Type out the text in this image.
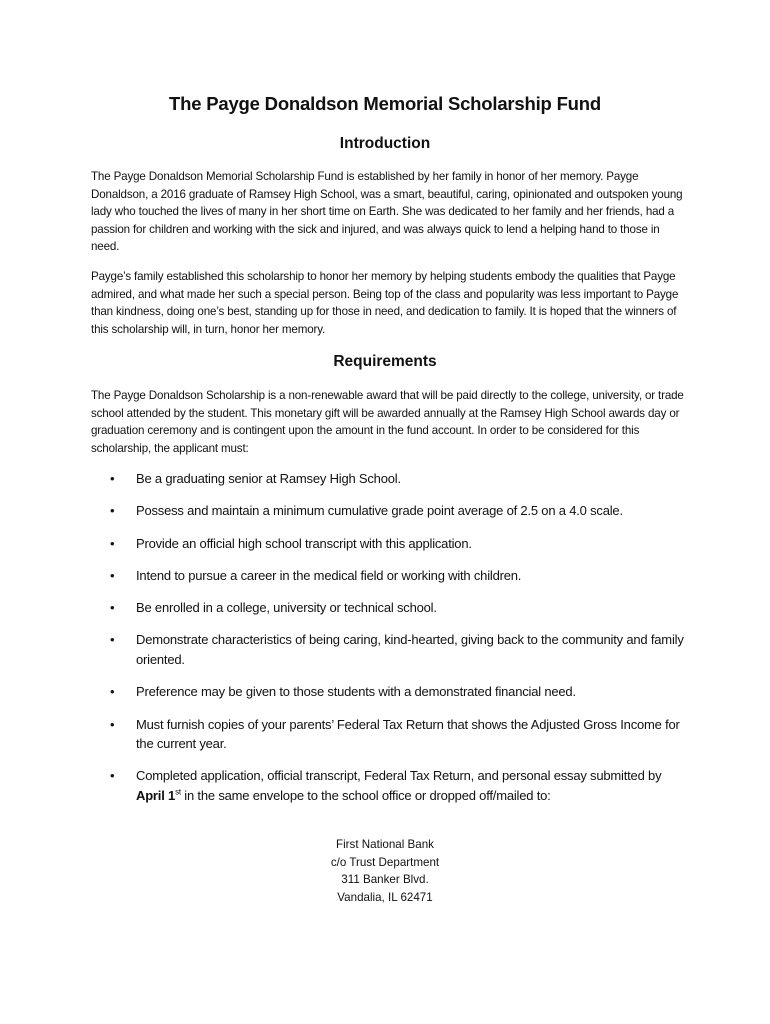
The Payge Donaldson Memorial Scholarship Fund
Introduction

The Payge Donaldson Memorial Scholarship Fund is established by her family in honor of her memory. Payge Donaldson, a 2016 graduate of Ramsey High School, was a smart, beautiful, caring, opinionated and outspoken young lady who touched the lives of many in her short time on Earth. She was dedicated to her family and her friends, had a passion for children and working with the sick and injured, and was always quick to lend a helping hand to those in need.

Payge’s family established this scholarship to honor her memory by helping students embody the qualities that Payge admired, and what made her such a special person. Being top of the class and popularity was less important to Payge than kindness, doing one’s best, standing up for those in need, and dedication to family. It is hoped that the winners of this scholarship will, in turn, honor her memory.

Requirements

The Payge Donaldson Scholarship is a non-renewable award that will be paid directly to the college, university, or trade school attended by the student. This monetary gift will be awarded annually at the Ramsey High School awards day or graduation ceremony and is contingent upon the amount in the fund account. In order to be considered for this scholarship, the applicant must:

• Be a graduating senior at Ramsey High School.
• Possess and maintain a minimum cumulative grade point average of 2.5 on a 4.0 scale.
• Provide an official high school transcript with this application.
• Intend to pursue a career in the medical field or working with children.
• Be enrolled in a college, university or technical school.
• Demonstrate characteristics of being caring, kind-hearted, giving back to the community and family oriented.
• Preference may be given to those students with a demonstrated financial need.
• Must furnish copies of your parents’ Federal Tax Return that shows the Adjusted Gross Income for the current year.
• Completed application, official transcript, Federal Tax Return, and personal essay submitted by April 1st in the same envelope to the school office or dropped off/mailed to:
First National Bank
c/o Trust Department
311 Banker Blvd.
Vandalia, IL 62471
